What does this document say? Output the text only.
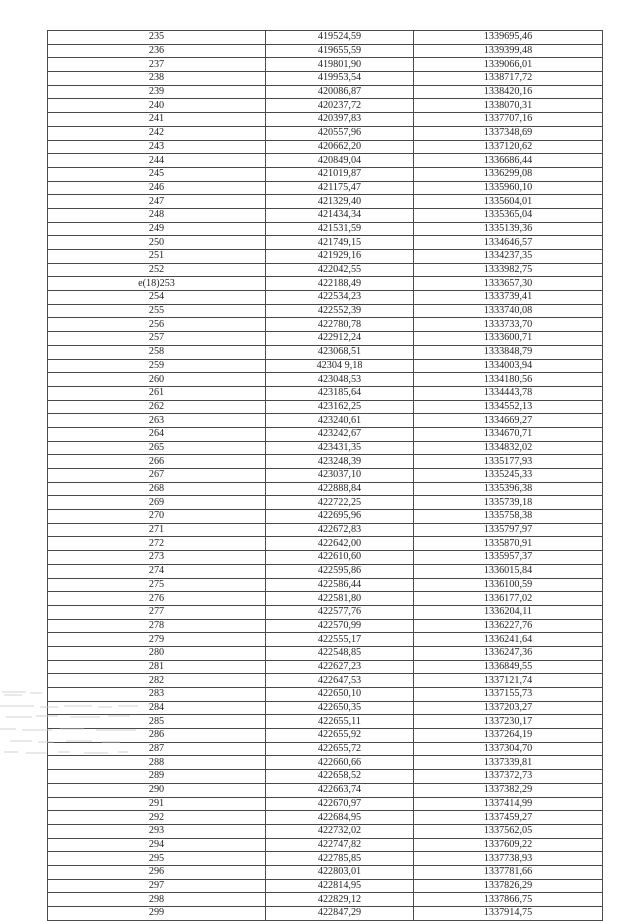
235	419524,59	1339695,46
236	419655,59	1339399,48
237	419801,90	1339066,01
238	419953,54	1338717,72
239	420086,87	1338420,16
240	420237,72	1338070,31
241	420397,83	1337707,16
242	420557,96	1337348,69
243	420662,20	1337120,62
244	420849,04	1336686,44
245	421019,87	1336299,08
246	421175,47	1335960,10
247	421329,40	1335604,01
248	421434,34	1335365,04
249	421531,59	1335139,36
250	421749,15	1334646,57
251	421929,16	1334237,35
252	422042,55	1333982,75
e(18)253	422188,49	1333657,30
254	422534,23	1333739,41
255	422552,39	1333740,08
256	422780,78	1333733,70
257	422912,24	1333600,71
258	423068,51	1333848,79
259	42304 9,18	1334003,94
260	423048,53	1334180,56
261	423185,64	1334443,78
262	423162,25	1334552,13
263	423240,61	1334669,27
264	423242,67	1334670,71
265	423431,35	1334832,02
266	423248,39	1335177,93
267	423037,10	1335245,33
268	422888,84	1335396,38
269	422722,25	1335739,18
270	422695,96	1335758,38
271	422672,83	1335797,97
272	422642,00	1335870,91
273	422610,60	1335957,37
274	422595,86	1336015,84
275	422586,44	1336100,59
276	422581,80	1336177,02
277	422577,76	1336204,11
278	422570,99	1336227,76
279	422555,17	1336241,64
280	422548,85	1336247,36
281	422627,23	1336849,55
282	422647,53	1337121,74
283	422650,10	1337155,73
284	422650,35	1337203,27
285	422655,11	1337230,17
286	422655,92	1337264,19
287	422655,72	1337304,70
288	422660,66	1337339,81
289	422658,52	1337372,73
290	422663,74	1337382,29
291	422670,97	1337414,99
292	422684,95	1337459,27
293	422732,02	1337562,05
294	422747,82	1337609,22
295	422785,85	1337738,93
296	422803,01	1337781,66
297	422814,95	1337826,29
298	422829,12	1337866,75
299	422847,29	1337914,75
